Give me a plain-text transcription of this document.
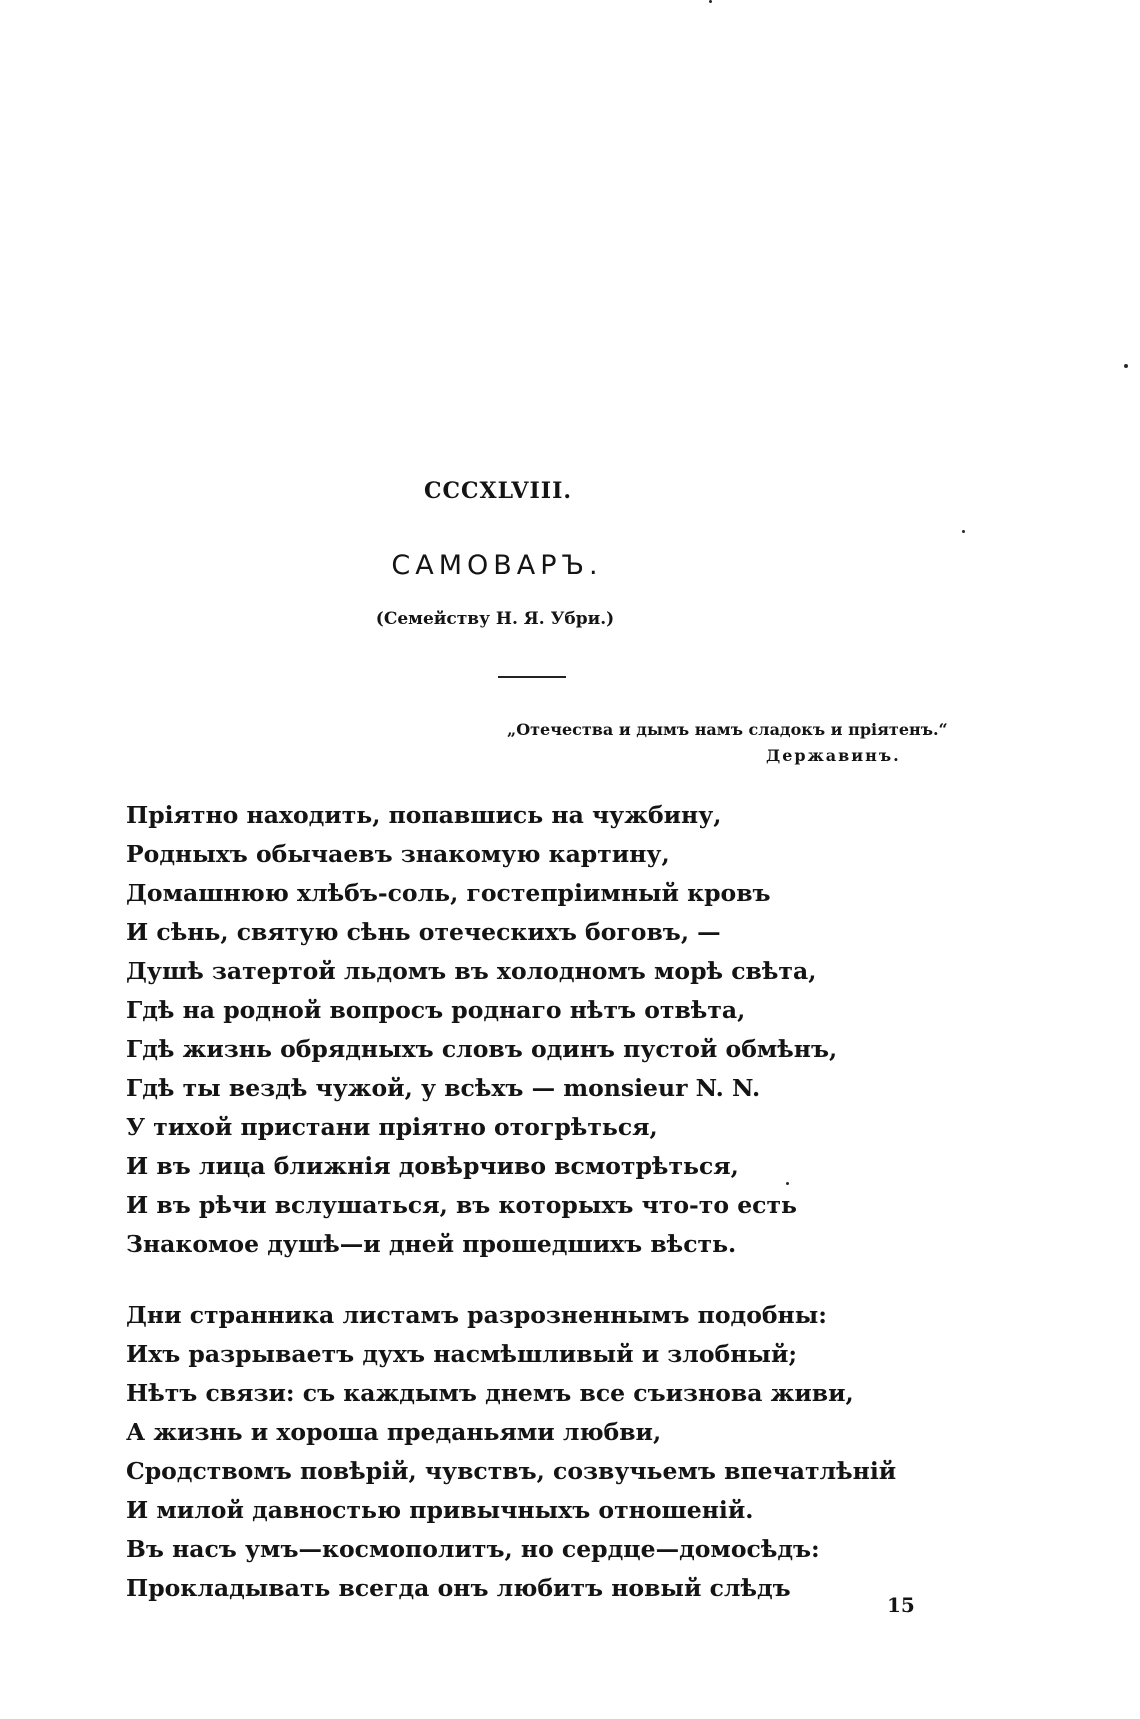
CCCXLVIII.
САМОВАРЪ.
(Семейству Н. Я. Убри.)
„Отечества и дымъ намъ сладокъ и пріятенъ.“
Державинъ.
Пріятно находить, попавшись на чужбину,
Родныхъ обычаевъ знакомую картину,
Домашнюю хлѣбъ-соль, гостепріимный кровъ
И сѣнь, святую сѣнь отеческихъ боговъ, —
Душѣ затертой льдомъ въ холодномъ морѣ свѣта,
Гдѣ на родной вопросъ роднаго нѣтъ отвѣта,
Гдѣ жизнь обрядныхъ словъ одинъ пустой обмѣнъ,
Гдѣ ты вездѣ чужой, у всѣхъ — monsieur N. N.
У тихой пристани пріятно отогрѣться,
И въ лица ближнія довѣрчиво всмотрѣться,
И въ рѣчи вслушаться, въ которыхъ что-то есть
Знакомое душѣ—и дней прошедшихъ вѣсть.
Дни странника листамъ разрозненнымъ подобны:
Ихъ разрываетъ духъ насмѣшливый и злобный;
Нѣтъ связи: съ каждымъ днемъ все съизнова живи,
А жизнь и хороша преданьями любви,
Сродствомъ повѣрій, чувствъ, созвучьемъ впечатлѣній
И милой давностью привычныхъ отношеній.
Въ насъ умъ—космополитъ, но сердце—домосѣдъ:
Прокладывать всегда онъ любитъ новый слѣдъ
15
